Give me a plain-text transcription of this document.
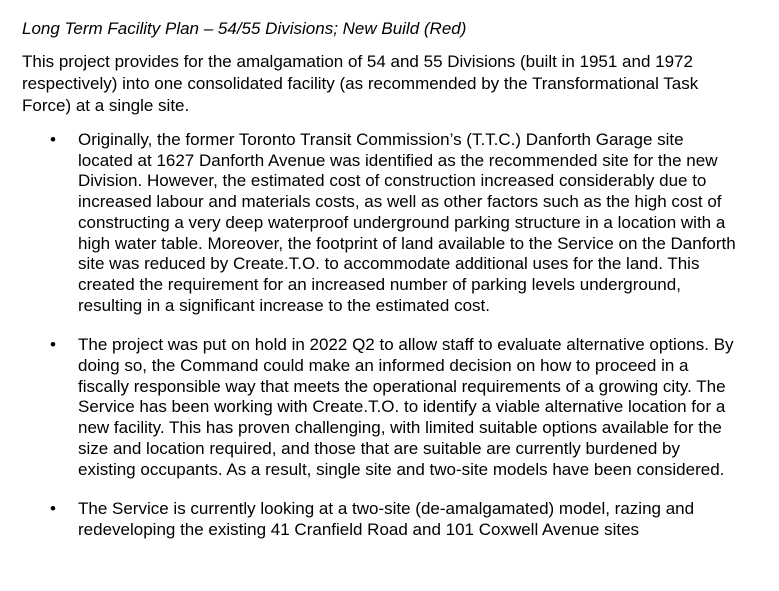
Long Term Facility Plan – 54/55 Divisions; New Build (Red)

This project provides for the amalgamation of 54 and 55 Divisions (built in 1951 and 1972 respectively) into one consolidated facility (as recommended by the Transformational Task Force) at a single site.

• Originally, the former Toronto Transit Commission’s (T.T.C.) Danforth Garage site located at 1627 Danforth Avenue was identified as the recommended site for the new Division. However, the estimated cost of construction increased considerably due to increased labour and materials costs, as well as other factors such as the high cost of constructing a very deep waterproof underground parking structure in a location with a high water table. Moreover, the footprint of land available to the Service on the Danforth site was reduced by Create.T.O. to accommodate additional uses for the land. This created the requirement for an increased number of parking levels underground, resulting in a significant increase to the estimated cost.
• The project was put on hold in 2022 Q2 to allow staff to evaluate alternative options. By doing so, the Command could make an informed decision on how to proceed in a fiscally responsible way that meets the operational requirements of a growing city. The Service has been working with Create.T.O. to identify a viable alternative location for a new facility. This has proven challenging, with limited suitable options available for the size and location required, and those that are suitable are currently burdened by existing occupants. As a result, single site and two-site models have been considered.
• The Service is currently looking at a two-site (de-amalgamated) model, razing and redeveloping the existing 41 Cranfield Road and 101 Coxwell Avenue sites
